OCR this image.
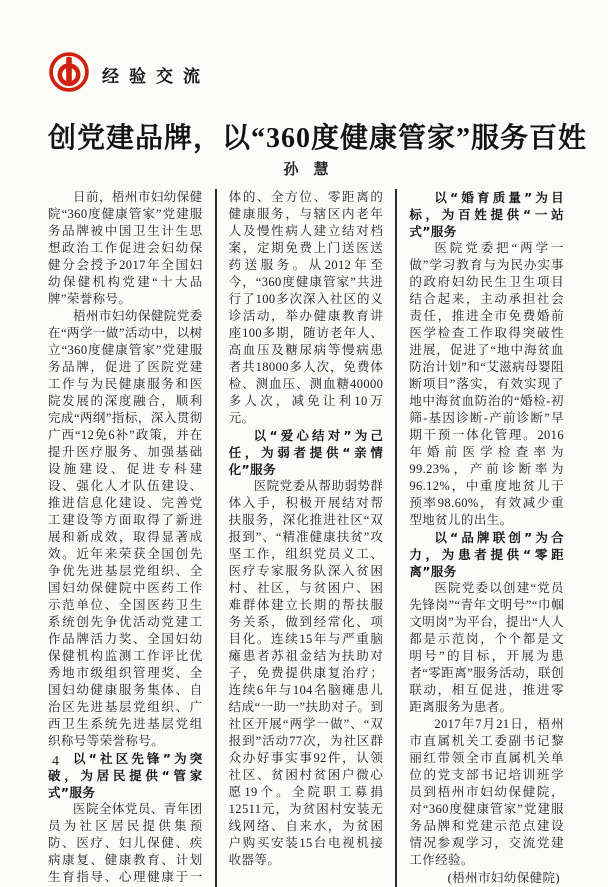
经验交流
创党建品牌，以“360度健康管家”服务百姓
孙　慧

日前，梧州市妇幼保健院“360度健康管家”党建服务品牌被中国卫生计生思想政治工作促进会妇幼保健分会授予2017年全国妇幼保健机构党建“十大品牌”荣誉称号。

梧州市妇幼保健院党委在“两学一做”活动中，以树立“360度健康管家”党建服务品牌，促进了医院党建工作与为民健康服务和医院发展的深度融合，顺利完成“两纲”指标，深入贯彻广西“12免6补”政策，并在提升医疗服务、加强基础设施建设、促进专科建设、强化人才队伍建设、推进信息化建设、完善党工建设等方面取得了新进展和新成效，取得显著成效。近年来荣获全国创先争优先进基层党组织、全国妇幼保健院中医药工作示范单位、全国医药卫生系统创先争优活动党建工作品牌活力奖、全国妇幼保健机构监测工作评比优秀地市级组织管理奖、全国妇幼健康服务集体、自治区先进基层党组织、广西卫生系统先进基层党组织称号等荣誉称号。

以“社区先锋”为突破，为居民提供“管家式”服务

医院全体党员、青年团员为社区居民提供集预防、医疗、妇儿保健、疾病康复、健康教育、计划生育指导、心理健康于一体的、全方位、零距离的健康服务，与辖区内老年人及慢性病人建立结对档案，定期免费上门送医送药送服务。从2012年至今，“360度健康管家”共进行了100多次深入社区的义诊活动，举办健康教育讲座100多期，随访老年人、高血压及糖尿病等慢病患者共18000多人次，免费体检、测血压、测血糖40000多人次，减免让利10万元。

以“爱心结对”为己任，为弱者提供“亲情化”服务

医院党委从帮助弱势群体入手，积极开展结对帮扶服务，深化推进社区“双报到”、“精准健康扶贫”攻坚工作，组织党员义工、医疗专家服务队深入贫困村、社区，与贫困户、困难群体建立长期的帮扶服务关系，做到经常化、项目化。连续15年与严重脑瘫患者苏祖金结为扶助对子，免费提供康复治疗；连续6年与104名脑瘫患儿结成“一助一”扶助对子。到社区开展“两学一做”、“双报到”活动77次，为社区群众办好事实事92件，认领社区、贫困村贫困户微心愿19个。全院职工募捐12511元，为贫困村安装无线网络、自来水，为贫困户购买安装15台电视机接收器等。

以“婚育质量”为目标，为百姓提供“一站式”服务

医院党委把“两学一做”学习教育与为民办实事的政府妇幼民生卫生项目结合起来，主动承担社会责任，推进全市免费婚前医学检查工作取得突破性进展，促进了“地中海贫血防治计划”和“艾滋病母婴阻断项目”落实，有效实现了地中海贫血防治的“婚检-初筛-基因诊断-产前诊断”早期干预一体化管理。2016年婚前医学检查率为99.23%，产前诊断率为96.12%，中重度地贫儿干预率98.60%，有效减少重型地贫儿的出生。

以“品牌联创”为合力，为患者提供“零距离”服务

医院党委以创建“党员先锋岗”“青年文明号”“巾帼文明岗”为平台，提出“人人都是示范岗，个个都是文明号”的目标，开展为患者“零距离”服务活动，联创联动，相互促进，推进零距离服务为患者。

2017年7月21日，梧州市直属机关工委副书记黎丽红带领全市直属机关单位的党支部书记培训班学员到梧州市妇幼保健院，对“360度健康管家”党建服务品牌和党建示范点建设情况参观学习，交流党建工作经验。

(梧州市妇幼保健院)

4
